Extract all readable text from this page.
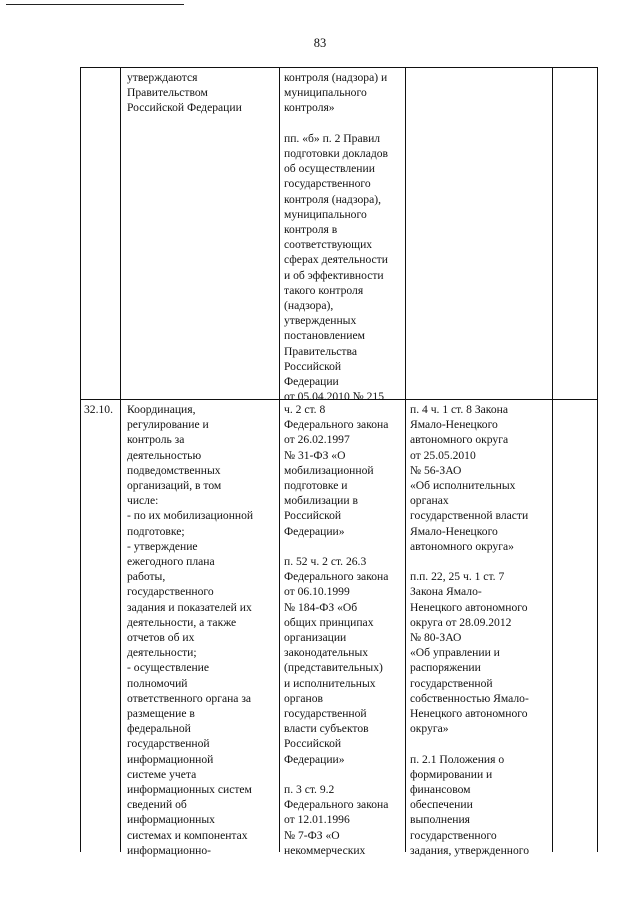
83
утверждаются
Правительством
Российской Федерации
контроля (надзора) и
муниципального
контроля»

пп. «б» п. 2 Правил
подготовки докладов
об осуществлении
государственного
контроля (надзора),
муниципального
контроля в
соответствующих
сферах деятельности
и об эффективности
такого контроля
(надзора),
утвержденных
постановлением
Правительства
Российской
Федерации
от 05.04.2010 № 215
32.10.	Координация,
регулирование и
контроль за
деятельностью
подведомственных
организаций, в том
числе:
- по их мобилизационной
подготовке;
- утверждение
ежегодного плана
работы,
государственного
задания и показателей их
деятельности, а также
отчетов об их
деятельности;
- осуществление
полномочий
ответственного органа за
размещение в
федеральной
государственной
информационной
системе учета
информационных систем
сведений об
информационных
системах и компонентах
информационно-
ч. 2 ст. 8
Федерального закона
от 26.02.1997
№ 31-ФЗ «О
мобилизационной
подготовке и
мобилизации в
Российской
Федерации»

п. 52 ч. 2 ст. 26.3
Федерального закона
от 06.10.1999
№ 184-ФЗ «Об
общих принципах
организации
законодательных
(представительных)
и исполнительных
органов
государственной
власти субъектов
Российской
Федерации»

п. 3 ст. 9.2
Федерального закона
от 12.01.1996
№ 7-ФЗ «О
некоммерческих
п. 4 ч. 1 ст. 8 Закона
Ямало-Ненецкого
автономного округа
от 25.05.2010
№ 56-ЗАО
«Об исполнительных
органах
государственной власти
Ямало-Ненецкого
автономного округа»

п.п. 22, 25 ч. 1 ст. 7
Закона Ямало-
Ненецкого автономного
округа от 28.09.2012
№ 80-ЗАО
«Об управлении и
распоряжении
государственной
собственностью Ямало-
Ненецкого автономного
округа»

п. 2.1 Положения о
формировании и
финансовом
обеспечении
выполнения
государственного
задания, утвержденного
